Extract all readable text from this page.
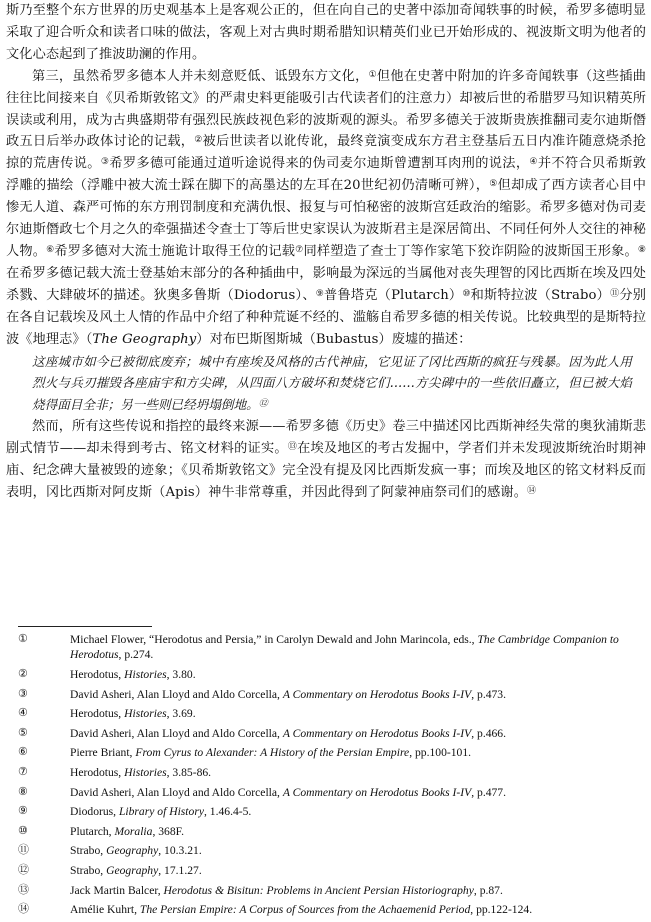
斯乃至整个东方世界的历史观基本上是客观公正的，但在向自己的史著中添加奇闻轶事的时候，希罗多德明显采取了迎合听众和读者口味的做法，客观上对古典时期希腊知识精英们业已开始形成的、视波斯文明为他者的文化心态起到了推波助澜的作用。

第三，虽然希罗多德本人并未刻意贬低、诋毁东方文化，①但他在史著中附加的许多奇闻轶事（这些插曲往往比间接来自《贝希斯敦铭文》的严肃史料更能吸引古代读者们的注意力）却被后世的希腊罗马知识精英所误读或利用，成为古典盛期带有强烈民族歧视色彩的波斯观的源头。希罗多德关于波斯贵族推翻司麦尔迪斯僭政五日后举办政体讨论的记载，②被后世读者以讹传讹，最终竟演变成东方君主登基后五日内准许随意烧杀抢掠的荒唐传说。③希罗多德可能通过道听途说得来的伪司麦尔迪斯曾遭割耳肉刑的说法，④并不符合贝希斯敦浮雕的描绘（浮雕中被大流士踩在脚下的高墨达的左耳在20世纪初仍清晰可辨），⑤但却成了西方读者心目中惨无人道、森严可怖的东方刑罚制度和充满仇恨、报复与可怕秘密的波斯宫廷政治的缩影。希罗多德对伪司麦尔迪斯僭政七个月之久的牵强描述令查士丁等后世史家误认为波斯君主是深居简出、不同任何外人交往的神秘人物。⑥希罗多德对大流士施诡计取得王位的记载⑦同样塑造了查士丁等作家笔下狡诈阴险的波斯国王形象。⑧在希罗多德记载大流士登基始末部分的各种插曲中，影响最为深远的当属他对丧失理智的冈比西斯在埃及四处杀戮、大肆破坏的描述。狄奥多鲁斯（Diodorus）、⑨普鲁塔克（Plutarch）⑩和斯特拉波（Strabo）⑪分别在各自记载埃及风土人情的作品中介绍了种种荒诞不经的、滥觞自希罗多德的相关传说。比较典型的是斯特拉波《地理志》（The Geography）对布巴斯图斯城（Bubastus）废墟的描述：

这座城市如今已被彻底废弃；城中有座埃及风格的古代神庙，它见证了冈比西斯的疯狂与残暴。因为此人用烈火与兵刃摧毁各座庙宇和方尖碑，从四面八方破坏和焚烧它们……方尖碑中的一些依旧矗立，但已被大焰烧得面目全非；另一些则已经坍塌倒地。⑫

然而，所有这些传说和指控的最终来源——希罗多德《历史》卷三中描述冈比西斯神经失常的奥狄浦斯悲剧式情节——却未得到考古、铭文材料的证实。⑬在埃及地区的考古发掘中，学者们并未发现波斯统治时期神庙、纪念碑大量被毁的迹象；《贝希斯敦铭文》完全没有提及冈比西斯发疯一事；而埃及地区的铭文材料反而表明，冈比西斯对阿皮斯（Apis）神牛非常尊重，并因此得到了阿蒙神庙祭司们的感谢。⑭

①	Michael Flower, “Herodotus and Persia,” in Carolyn Dewald and John Marincola, eds., The Cambridge Companion to Herodotus, p.274.
②	Herodotus, Histories, 3.80.
③	David Asheri, Alan Lloyd and Aldo Corcella, A Commentary on Herodotus Books I-IV, p.473.
④	Herodotus, Histories, 3.69.
⑤	David Asheri, Alan Lloyd and Aldo Corcella, A Commentary on Herodotus Books I-IV, p.466.
⑥	Pierre Briant, From Cyrus to Alexander: A History of the Persian Empire, pp.100-101.
⑦	Herodotus, Histories, 3.85-86.
⑧	David Asheri, Alan Lloyd and Aldo Corcella, A Commentary on Herodotus Books I-IV, p.477.
⑨	Diodorus, Library of History, 1.46.4-5.
⑩	Plutarch, Moralia, 368F.
⑪	Strabo, Geography, 10.3.21.
⑫	Strabo, Geography, 17.1.27.
⑬	Jack Martin Balcer, Herodotus & Bisitun: Problems in Ancient Persian Historiography, p.87.
⑭	Amélie Kuhrt, The Persian Empire: A Corpus of Sources from the Achaemenid Period, pp.122-124.
